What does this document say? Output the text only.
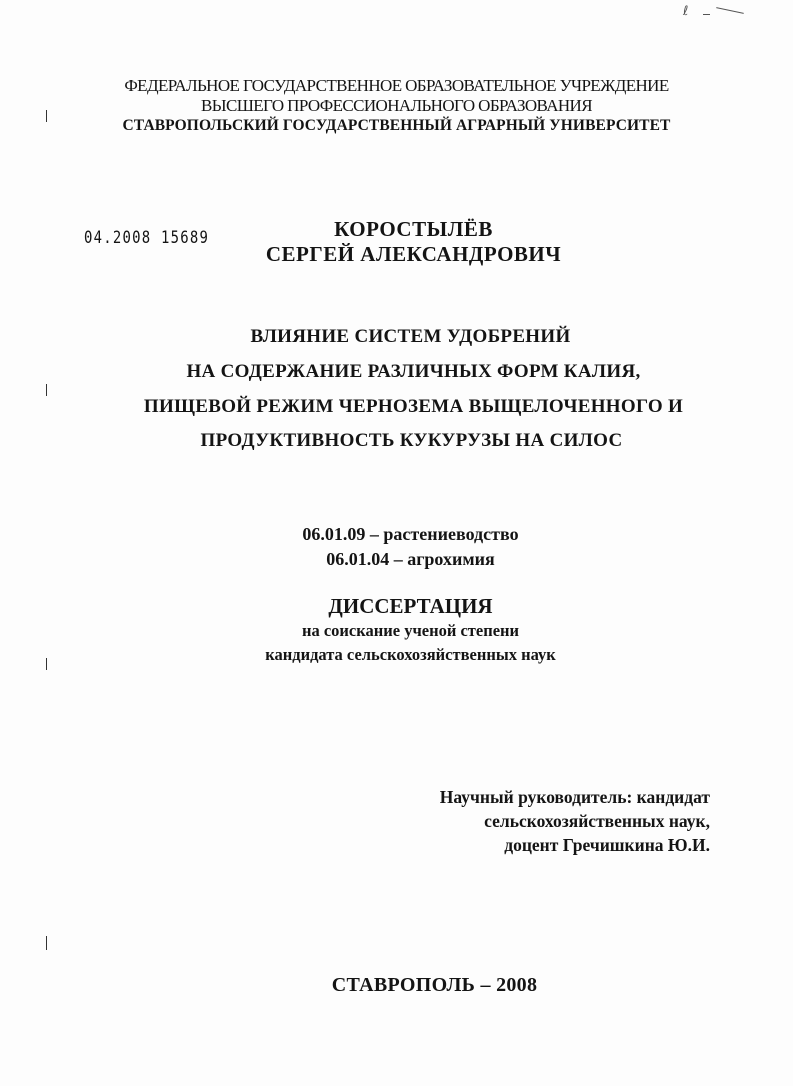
ℓ
ФЕДЕРАЛЬНОЕ ГОСУДАРСТВЕННОЕ ОБРАЗОВАТЕЛЬНОЕ УЧРЕЖДЕНИЕ
ВЫСШЕГО ПРОФЕССИОНАЛЬНОГО ОБРАЗОВАНИЯ
СТАВРОПОЛЬСКИЙ ГОСУДАРСТВЕННЫЙ АГРАРНЫЙ УНИВЕРСИТЕТ
04.2008 15689	КОРОСТЫЛЁВ
СЕРГЕЙ АЛЕКСАНДРОВИЧ
ВЛИЯНИЕ СИСТЕМ УДОБРЕНИЙ
НА СОДЕРЖАНИЕ РАЗЛИЧНЫХ ФОРМ КАЛИЯ,
ПИЩЕВОЙ РЕЖИМ ЧЕРНОЗЕМА ВЫЩЕЛОЧЕННОГО И
ПРОДУКТИВНОСТЬ КУКУРУЗЫ НА СИЛОС
06.01.09 – растениеводство
06.01.04 – агрохимия
ДИССЕРТАЦИЯ
на соискание ученой степени
кандидата сельскохозяйственных наук
Научный руководитель: кандидат
сельскохозяйственных наук,
доцент Гречишкина Ю.И.
СТАВРОПОЛЬ – 2008
